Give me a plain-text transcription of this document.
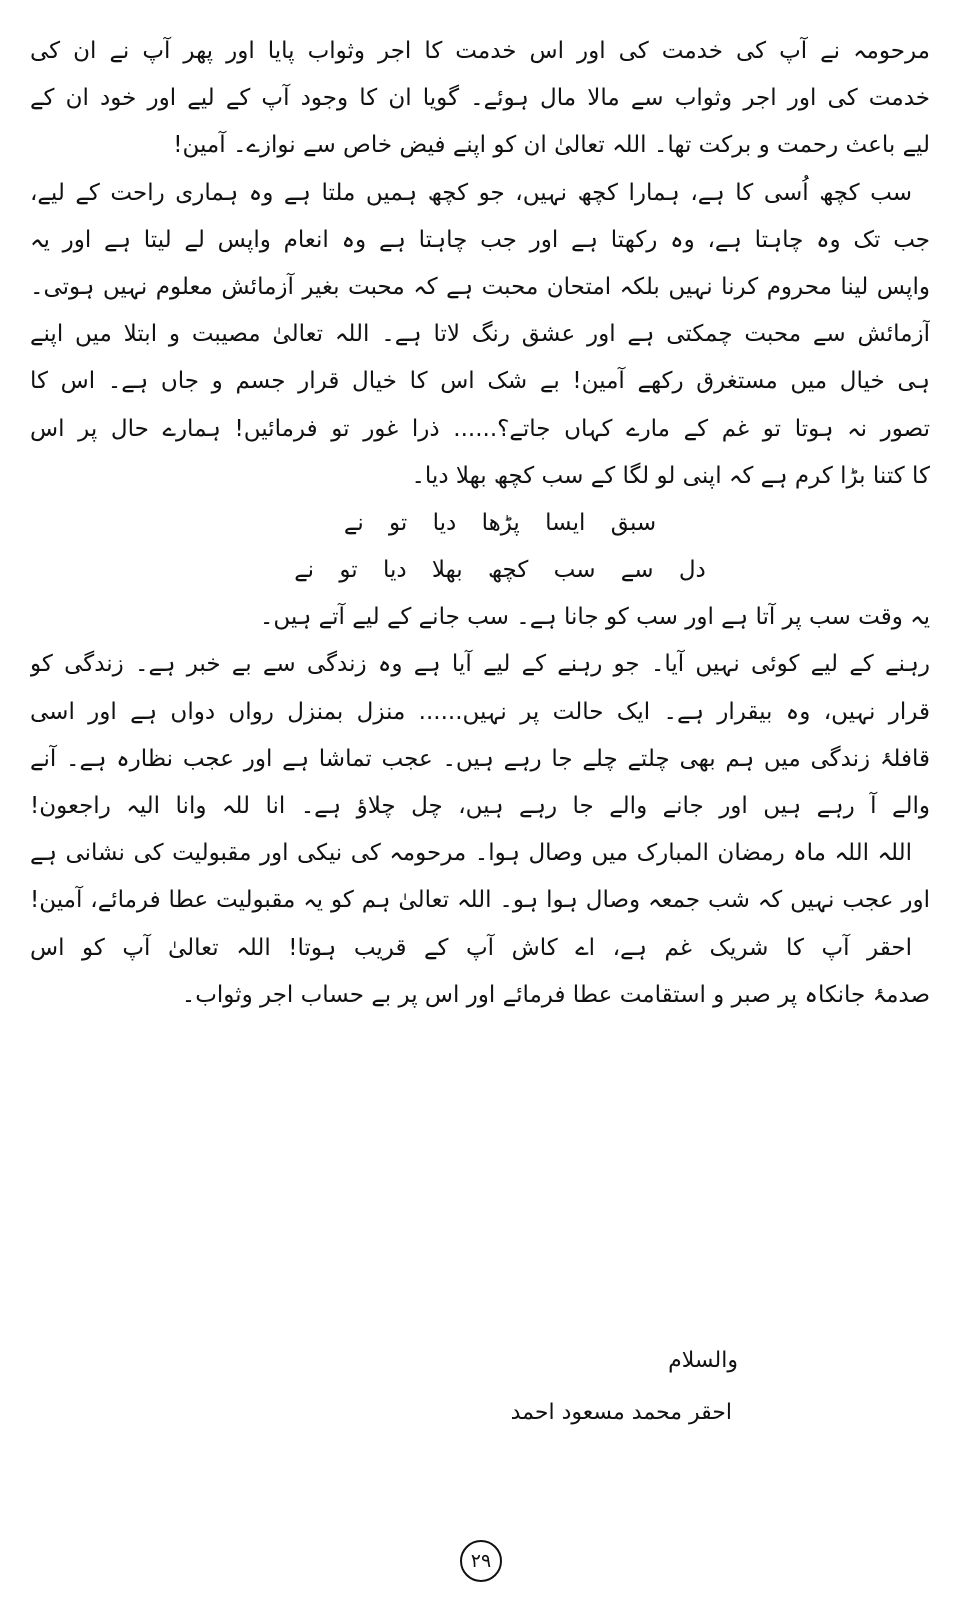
مرحومہ نے آپ کی خدمت کی اور اس خدمت کا اجر وثواب پایا اور پھر آپ نے ان کی
خدمت کی اور اجر وثواب سے مالا مال ہوئے۔ گویا ان کا وجود آپ کے لیے اور خود ان کے
لیے باعث رحمت و برکت تھا۔ اللہ تعالیٰ ان کو اپنے فیض خاص سے نوازے۔ آمین!
سب کچھ اُسی کا ہے، ہمارا کچھ نہیں، جو کچھ ہمیں ملتا ہے وہ ہماری راحت کے لیے،
جب تک وہ چاہتا ہے، وہ رکھتا ہے اور جب چاہتا ہے وہ انعام واپس لے لیتا ہے اور یہ
واپس لینا محروم کرنا نہیں بلکہ امتحان محبت ہے کہ محبت بغیر آزمائش معلوم نہیں ہوتی۔
آزمائش سے محبت چمکتی ہے اور عشق رنگ لاتا ہے۔ اللہ تعالیٰ مصیبت و ابتلا میں اپنے
ہی خیال میں مستغرق رکھے آمین! بے شک اس کا خیال قرار جسم و جاں ہے۔ اس کا
تصور نہ ہوتا تو غم کے مارے کہاں جاتے؟...... ذرا غور تو فرمائیں! ہمارے حال پر اس
کا کتنا بڑا کرم ہے کہ اپنی لو لگا کے سب کچھ بھلا دیا۔
سبق ایسا پڑھا دیا تو نے
دل سے سب کچھ بھلا دیا تو نے
یہ وقت سب پر آتا ہے اور سب کو جانا ہے۔ سب جانے کے لیے آتے ہیں۔
رہنے کے لیے کوئی نہیں آیا۔ جو رہنے کے لیے آیا ہے وہ زندگی سے بے خبر ہے۔ زندگی کو
قرار نہیں، وہ بیقرار ہے۔ ایک حالت پر نہیں...... منزل بمنزل رواں دواں ہے اور اسی
قافلۂ زندگی میں ہم بھی چلتے چلے جا رہے ہیں۔ عجب تماشا ہے اور عجب نظارہ ہے۔ آنے
والے آ رہے ہیں اور جانے والے جا رہے ہیں، چل چلاؤ ہے۔ انا للہ وانا الیہ راجعون!
اللہ اللہ ماہ رمضان المبارک میں وصال ہوا۔ مرحومہ کی نیکی اور مقبولیت کی نشانی ہے
اور عجب نہیں کہ شب جمعہ وصال ہوا ہو۔ اللہ تعالیٰ ہم کو یہ مقبولیت عطا فرمائے، آمین!
احقر آپ کا شریک غم ہے، اے کاش آپ کے قریب ہوتا! اللہ تعالیٰ آپ کو اس
صدمۂ جانکاہ پر صبر و استقامت عطا فرمائے اور اس پر بے حساب اجر وثواب۔
والسلام
احقر محمد مسعود احمد
۲۹
